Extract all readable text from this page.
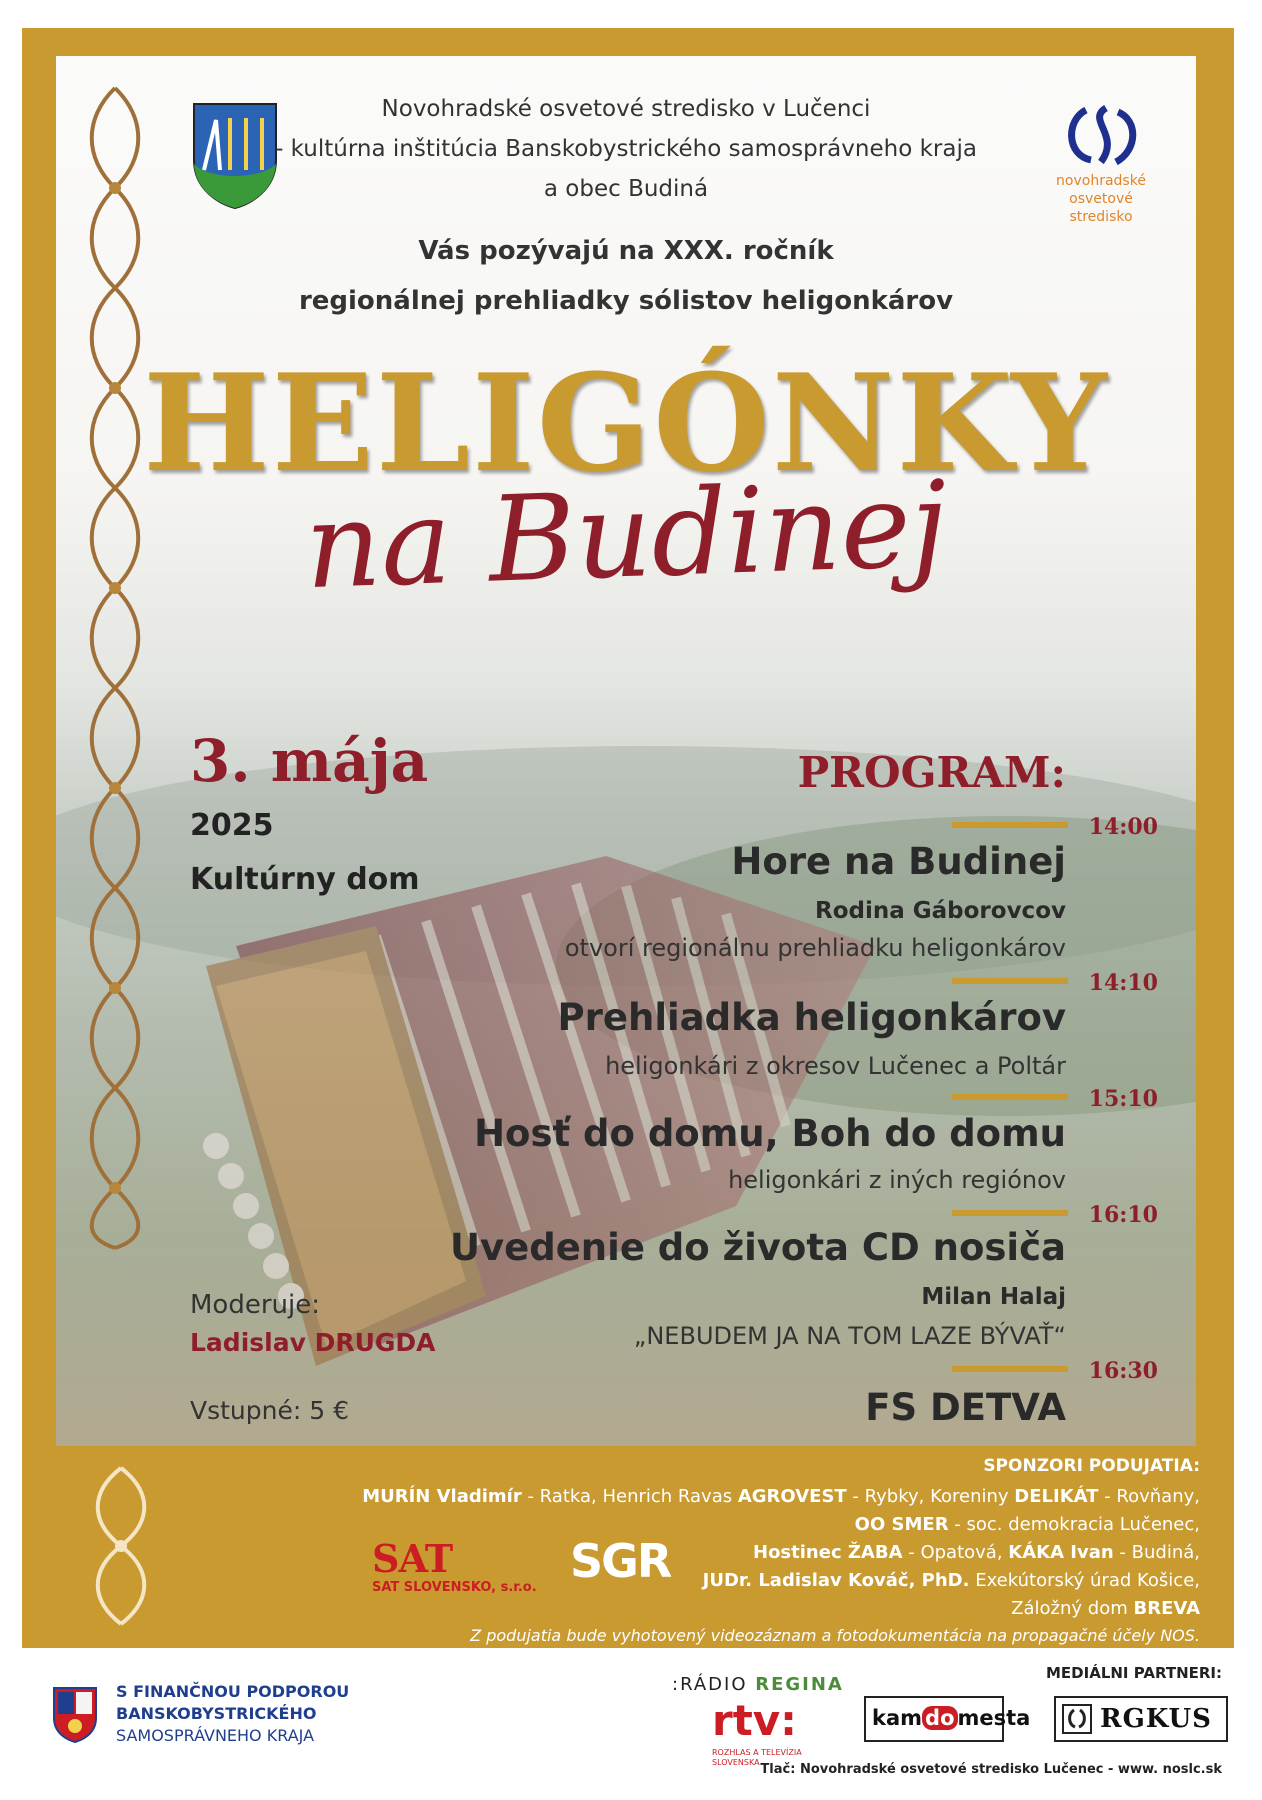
Novohradské osvetové stredisko v Lučenci
- kultúrna inštitúcia Banskobystrického samosprávneho kraja
a obec Budiná	novohradské
osvetové
stredisko
Vás pozývajú na XXX. ročník
regionálnej prehliadky sólistov heligonkárov
HELIGÓNKY
na Budinej
3. mája
2025
Kultúrny dom
Moderuje:
Ladislav DRUGDA
Vstupné: 5 €
PROGRAM:
14:00
Hore na Budinej
Rodina Gáborovcov
otvorí regionálnu prehliadku heligonkárov
14:10
Prehliadka heligonkárov
heligonkári z okresov Lučenec a Poltár
15:10
Hosť do domu, Boh do domu
heligonkári z iných regiónov
16:10
Uvedenie do života CD nosiča
Milan Halaj
„NEBUDEM JA NA TOM LAZE BÝVAŤ“
16:30
FS DETVA
SPONZORI PODUJATIA:
MURÍN Vladimír - Ratka, Henrich Ravas AGROVEST - Rybky, Koreniny DELIKÁT - Rovňany,
OO SMER - soc. demokracia Lučenec,
Hostinec ŽABA - Opatová, KÁKA Ivan - Budiná,
JUDr. Ladislav Kováč, PhD. Exekútorský úrad Košice,
Záložný dom BREVA
Z podujatia bude vyhotovený videozáznam a fotodokumentácia na propagačné účely NOS.
SAT
SAT SLOVENSKO, s.r.o. SGR
S FINANČNOU PODPOROU
BANSKOBYSTRICKÉHO
SAMOSPRÁVNEHO KRAJA
:RÁDIO REGINA
rtv:
ROZHLAS A TELEVÍZIA SLOVENSKA
MEDIÁLNI PARTNERI:
kam do mesta	RGKUS
Tlač: Novohradské osvetové stredisko Lučenec - www. noslc.sk
